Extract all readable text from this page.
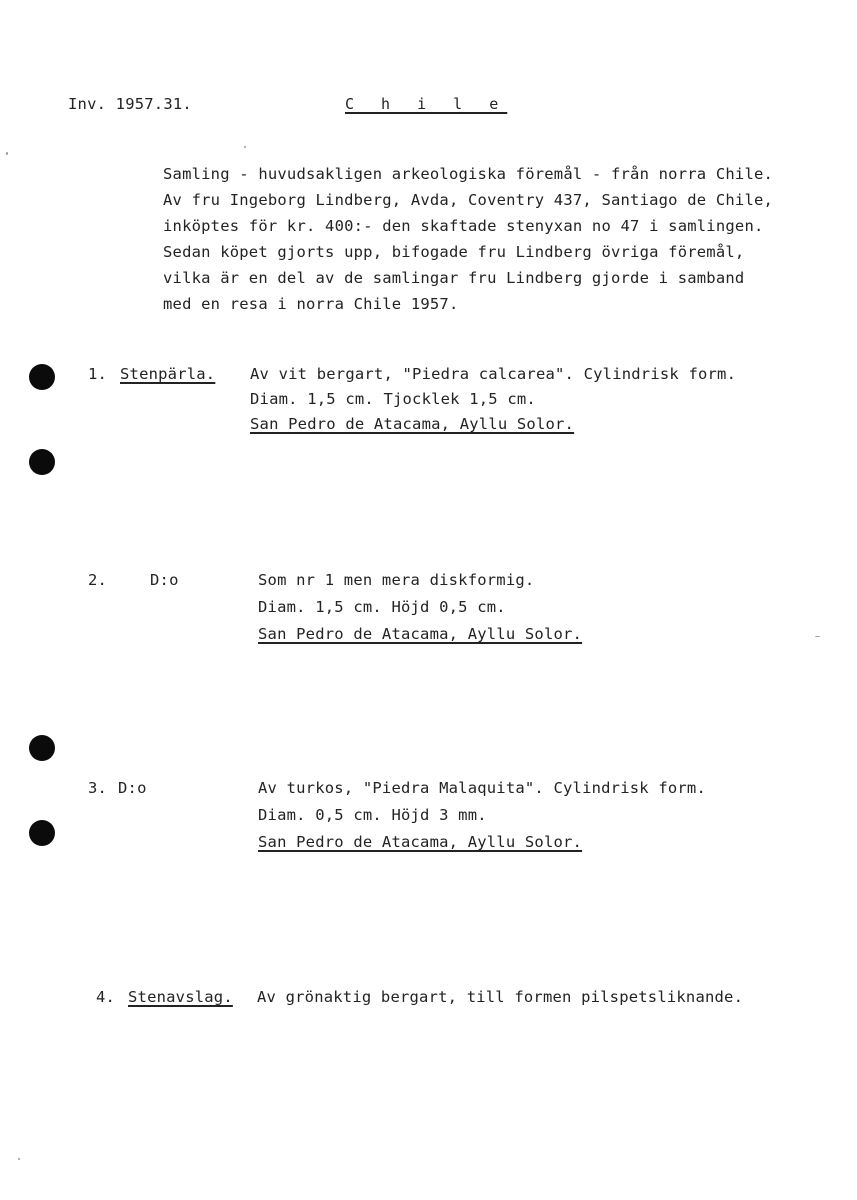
Inv. 1957.31.	C h i l e
Samling - huvudsakligen arkeologiska föremål - från norra Chile.
Av fru Ingeborg Lindberg, Avda, Coventry 437, Santiago de Chile,
inköptes för kr. 400:- den skaftade stenyxan no 47 i samlingen.
Sedan köpet gjorts upp, bifogade fru Lindberg övriga föremål,
vilka är en del av de samlingar fru Lindberg gjorde i samband
med en resa i norra Chile 1957.
1. Stenpärla. Av vit bergart, "Piedra calcarea". Cylindrisk form.
Diam. 1,5 cm. Tjocklek 1,5 cm.
San Pedro de Atacama, Ayllu Solor.
2.	D:o	Som nr 1 men mera diskformig.
Diam. 1,5 cm. Höjd 0,5 cm.
San Pedro de Atacama, Ayllu Solor.
3. D:o	Av turkos, "Piedra Malaquita". Cylindrisk form.
Diam. 0,5 cm. Höjd 3 mm.
San Pedro de Atacama, Ayllu Solor.
4. Stenavslag. Av grönaktig bergart, till formen pilspetsliknande.
